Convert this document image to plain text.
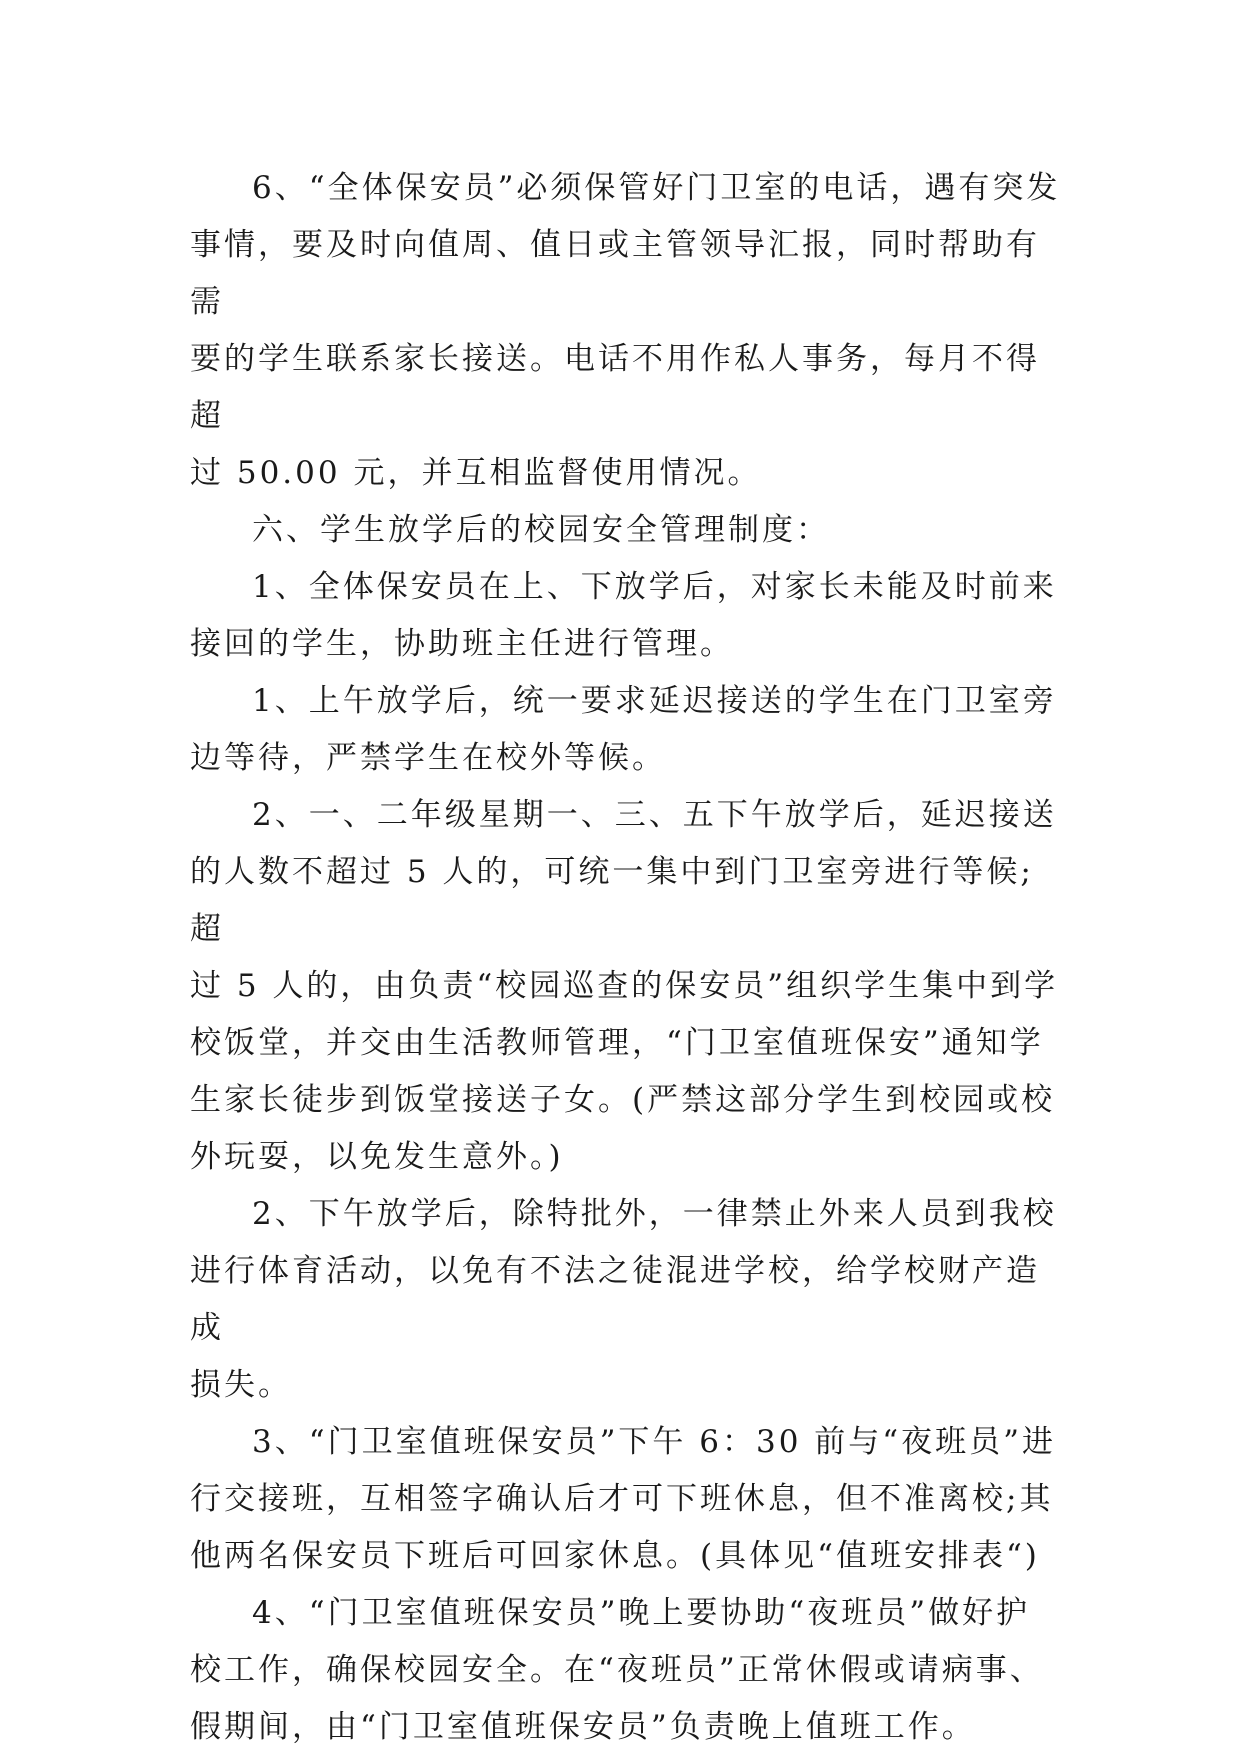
6、“全体保安员”必须保管好门卫室的电话，遇有突发
事情，要及时向值周、值日或主管领导汇报，同时帮助有需
要的学生联系家长接送。电话不用作私人事务，每月不得超
过 50.00 元，并互相监督使用情况。

六、学生放学后的校园安全管理制度：

1、全体保安员在上、下放学后，对家长未能及时前来
接回的学生，协助班主任进行管理。

1、上午放学后，统一要求延迟接送的学生在门卫室旁
边等待，严禁学生在校外等候。

2、一、二年级星期一、三、五下午放学后，延迟接送
的人数不超过 5 人的，可统一集中到门卫室旁进行等候;超
过 5 人的，由负责“校园巡查的保安员”组织学生集中到学
校饭堂，并交由生活教师管理，“门卫室值班保安”通知学
生家长徒步到饭堂接送子女。(严禁这部分学生到校园或校
外玩耍，以免发生意外。)

2、下午放学后，除特批外，一律禁止外来人员到我校
进行体育活动，以免有不法之徒混进学校，给学校财产造成
损失。

3、“门卫室值班保安员”下午 6：30 前与“夜班员”进
行交接班，互相签字确认后才可下班休息，但不准离校;其
他两名保安员下班后可回家休息。(具体见“值班安排表“)

4、“门卫室值班保安员”晚上要协助“夜班员”做好护
校工作，确保校园安全。在“夜班员”正常休假或请病事、
假期间，由“门卫室值班保安员”负责晚上值班工作。
